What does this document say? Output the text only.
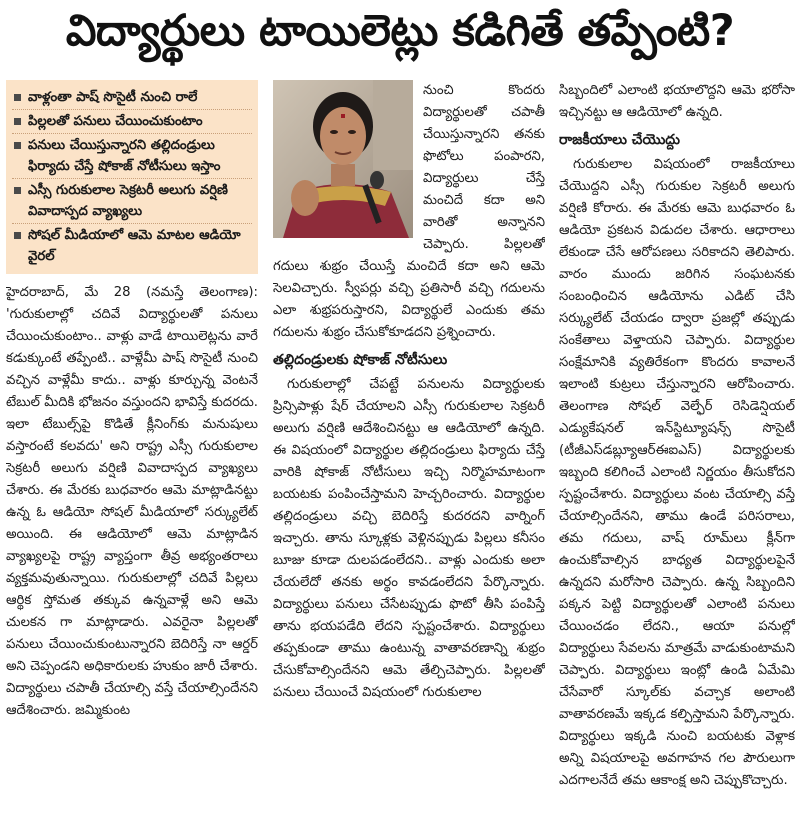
విద్యార్థులు టాయిలెట్లు కడిగితే తప్పేంటి?
వాళ్లంతా పాష్‌ సొసైటీ నుంచి రాలే
పిల్లలతో పనులు చేయించుకుంటాం
పనులు చేయిస్తున్నారని తల్లిదండ్రులు ఫిర్యాదు చేస్తే షోకాజ్‌ నోటీసులు ఇస్తాం
ఎస్సీ గురుకులాల సెక్రటరీ అలుగు వర్షిణి వివాదాస్పద వ్యాఖ్యలు
సోషల్‌ మీడియాలో ఆమె మాటల ఆడియో వైరల్‌

హైదరాబాద్‌, మే 28 (నమస్తే తెలంగాణ): 'గురుకులాల్లో చదివే విద్యార్థులతో పనులు చేయించుకుంటాం.. వాళ్లు వాడే టాయిలెట్లను వారే కడుక్కుంటే తప్పేంటి.. వాళ్లేమీ పాష్‌ సొసైటీ నుంచి వచ్చిన వాళ్లేమీ కాదు.. వాళ్లు కూర్చున్న వెంటనే టేబుల్‌ మీదికి భోజనం వస్తుందని భావిస్తే కుదరదు. ఇలా టేబుల్స్‌పై కొడితే క్లీనింగ్‌కు మనుషులు వస్తారంటే కలవదు' అని రాష్ట్ర ఎస్సీ గురుకులాల సెక్రటరీ అలుగు వర్షిణి వివాదాస్పద వ్యాఖ్యలు చేశారు. ఈ మేరకు బుధవారం ఆమె మాట్లాడినట్టు ఉన్న ఓ ఆడియో సోషల్‌ మీడియాలో సర్క్యులేట్‌ అయింది. ఈ ఆడియోలో ఆమె మాట్లాడిన వ్యాఖ్యలపై రాష్ట్ర వ్యాప్తంగా తీవ్ర అభ్యంతరాలు వ్యక్తమవుతున్నాయి. గురుకులాల్లో చదివే పిల్లలు ఆర్థిక స్తోమత తక్కువ ఉన్నవాళ్లే అని ఆమె చులకన గా మాట్లాడారు. ఎవరైనా పిల్లలతో పనులు చేయించుకుంటున్నారని బెదిరిస్తే నా ఆర్డర్‌ అని చెప్పండని అధికారులకు హుకుం జారీ చేశారు. విద్యార్థులు చపాతీ చేయాల్సి వస్తే చేయాల్సిందేనని ఆదేశించారు. జమ్మికుంట

నుంచి కొందరు విద్యార్థులతో చపాతీ చేయిస్తున్నారని తనకు ఫొటోలు పంపారని, విద్యార్థులు చేస్తే మంచిదే కదా అని వారితో అన్నానని చెప్పారు. పిల్లలతో గదులు శుభ్రం చేయిస్తే మంచిదే కదా అని ఆమె సెలవిచ్చారు. స్వీపర్లు వచ్చి ప్రతిసారీ వచ్చి గదులను ఎలా శుభ్రపరుస్తారని, విద్యార్థులే ఎందుకు తమ గదులను శుభ్రం చేసుకోకూడదని ప్రశ్నించారు.

తల్లిదండ్రులకు షోకాజ్‌ నోటీసులు

గురుకులాల్లో చేపట్టే పనులను విద్యార్థులకు ప్రిన్సిపాళ్లు షేర్‌ చేయాలని ఎస్సీ గురుకులాల సెక్రటరీ అలుగు వర్షిణి ఆదేశించినట్టు ఆ ఆడియోలో ఉన్నది. ఈ విషయంలో విద్యార్థుల తల్లిదండ్రులు ఫిర్యాదు చేస్తే వారికి షోకాజ్‌ నోటీసులు ఇచ్చి నిర్మొహమాటంగా బయటకు పంపించేస్తామని హెచ్చరించారు. విద్యార్థుల తల్లిదండ్రులు వచ్చి బెదిరిస్తే కుదరదని వార్నింగ్‌ ఇచ్చారు. తాను స్కూళ్లకు వెళ్లినప్పుడు పిల్లలు కనీసం బూజు కూడా దులపడంలేదని.. వాళ్లు ఎందుకు అలా చేయలేదో తనకు అర్థం కావడంలేదని పేర్కొన్నారు. విద్యార్థులు పనులు చేసేటప్పుడు ఫొటో తీసి పంపిస్తే తాను భయపడేది లేదని స్పష్టంచేశారు. విద్యార్థులు తప్పకుండా తాము ఉంటున్న వాతావరణాన్ని శుభ్రం చేసుకోవాల్సిందేనని ఆమె తేల్చిచెప్పారు. పిల్లలతో పనులు చేయించే విషయంలో గురుకులాల

సిబ్బందిలో ఎలాంటి భయాలొద్దని ఆమె భరోసా ఇచ్చినట్టు ఆ ఆడియోలో ఉన్నది.

రాజకీయాలు చేయొద్దు

గురుకులాల విషయంలో రాజకీయాలు చేయొద్దని ఎస్సీ గురుకుల సెక్రటరీ అలుగు వర్షిణి కోరారు. ఈ మేరకు ఆమె బుధవారం ఓ ఆడియో ప్రకటన విడుదల చేశారు. ఆధారాలు లేకుండా చేసే ఆరోపణలు సరికాదని తెలిపారు. వారం ముందు జరిగిన సంఘటనకు సంబంధించిన ఆడియోను ఎడిట్‌ చేసి సర్క్యులేట్‌ చేయడం ద్వారా ప్రజల్లో తప్పుడు సంకేతాలు వెళ్తాయని చెప్పారు. విద్యార్థుల సంక్షేమానికి వ్యతిరేకంగా కొందరు కావాలనే ఇలాంటి కుట్రలు చేస్తున్నారని ఆరోపించారు. తెలంగాణ సోషల్‌ వెల్ఫేర్‌ రెసిడెన్షియల్‌ ఎడ్యుకేషనల్‌ ఇన్‌స్టిట్యూషన్స్‌ సొసైటీ (టీజీఎస్‌డబ్ల్యూఆర్‌ఈఐఎస్‌) విద్యార్థులకు ఇబ్బంది కలిగించే ఎలాంటి నిర్ణయం తీసుకోదని స్పష్టంచేశారు. విద్యార్థులు వంట చేయాల్సి వస్తే చేయాల్సిందేనని, తాము ఉండే పరిసరాలు, తమ గదులు, వాష్‌ రూమ్‌లు క్లీన్‌గా ఉంచుకోవాల్సిన బాధ్యత విద్యార్థులపైనే ఉన్నదని మరోసారి చెప్పారు. ఉన్న సిబ్బందిని పక్కన పెట్టి విద్యార్థులతో ఎలాంటి పనులు చేయించడం లేదని., ఆయా పనుల్లో విద్యార్థులు సేవలను మాత్రమే వాడుకుంటామని చెప్పారు. విద్యార్థులు ఇంట్లో ఉండి ఏమేమి చేసేవారో స్కూల్‌కు వచ్చాక అలాంటి వాతావరణమే ఇక్కడ కల్పిస్తామని పేర్కొన్నారు. విద్యార్థులు ఇక్కడి నుంచి బయటకు వెళ్లాక అన్ని విషయాలపై అవగాహన గల పౌరులుగా ఎదగాలనేదే తమ ఆకాంక్ష అని చెప్పుకొచ్చారు.
